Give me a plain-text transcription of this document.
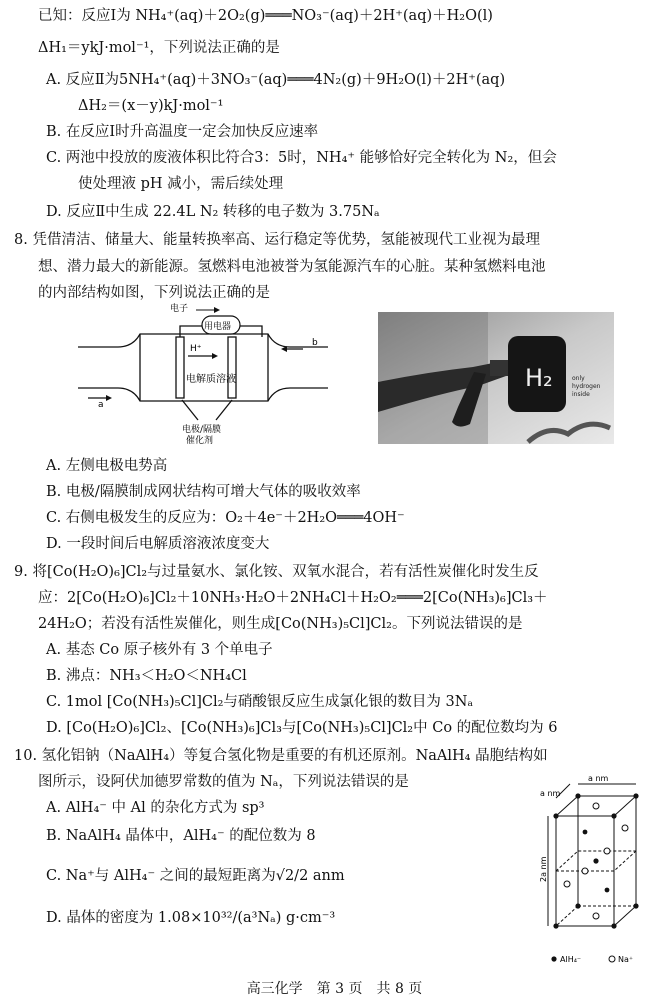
已知：反应Ⅰ为 NH₄⁺(aq)＋2O₂(g)═══NO₃⁻(aq)＋2H⁺(aq)＋H₂O(l)
ΔH₁＝ykJ·mol⁻¹，下列说法正确的是
A. 反应Ⅱ为5NH₄⁺(aq)＋3NO₃⁻(aq)═══4N₂(g)＋9H₂O(l)＋2H⁺(aq)
ΔH₂＝(x－y)kJ·mol⁻¹
B. 在反应Ⅰ时升高温度一定会加快反应速率
C. 两池中投放的废液体积比符合3：5时，NH₄⁺ 能够恰好完全转化为 N₂，但会
使处理液 pH 减小，需后续处理
D. 反应Ⅱ中生成 22.4L N₂ 转移的电子数为 3.75Nₐ
8. 凭借清洁、储量大、能量转换率高、运行稳定等优势，氢能被现代工业视为最理
想、潜力最大的新能源。氢燃料电池被誉为氢能源汽车的心脏。某种氢燃料电池
的内部结构如图，下列说法正确的是
电子
用电器
H⁺
b
电解质溶液
a
电极/隔膜
催化剂
H₂	only
hydrogen
inside
A. 左侧电极电势高
B. 电极/隔膜制成网状结构可增大气体的吸收效率
C. 右侧电极发生的反应为：O₂＋4e⁻＋2H₂O═══4OH⁻
D. 一段时间后电解质溶液浓度变大
9. 将[Co(H₂O)₆]Cl₂与过量氨水、氯化铵、双氧水混合，若有活性炭催化时发生反
应：2[Co(H₂O)₆]Cl₂＋10NH₃·H₂O＋2NH₄Cl＋H₂O₂═══2[Co(NH₃)₆]Cl₃＋
24H₂O；若没有活性炭催化，则生成[Co(NH₃)₅Cl]Cl₂。下列说法错误的是
A. 基态 Co 原子核外有 3 个单电子
B. 沸点：NH₃＜H₂O＜NH₄Cl
C. 1mol [Co(NH₃)₅Cl]Cl₂与硝酸银反应生成氯化银的数目为 3Nₐ
D. [Co(H₂O)₆]Cl₂、[Co(NH₃)₆]Cl₃与[Co(NH₃)₅Cl]Cl₂中 Co 的配位数均为 6
10. 氢化铝钠（NaAlH₄）等复合氢化物是重要的有机还原剂。NaAlH₄ 晶胞结构如
图所示，设阿伏加德罗常数的值为 Nₐ，下列说法错误的是
A. AlH₄⁻ 中 Al 的杂化方式为 sp³
B. NaAlH₄ 晶体中，AlH₄⁻ 的配位数为 8
C. Na⁺与 AlH₄⁻ 之间的最短距离为√2/2 anm
D. 晶体的密度为 1.08×10³²/(a³Nₐ) g·cm⁻³
a nm
a nm
2a nm
AlH₄⁻	Na⁺
高三化学　第 3 页　共 8 页
